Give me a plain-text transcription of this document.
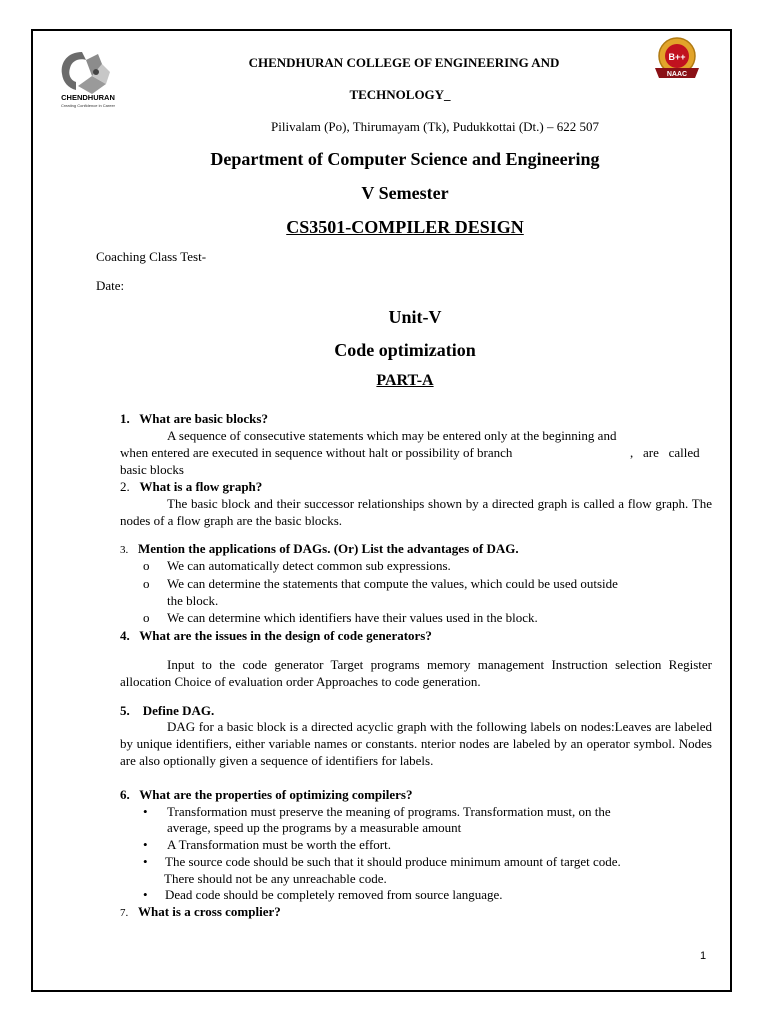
CHENDHURAN
Creating Confidence in Career
B++
NAAC
CHENDHURAN COLLEGE OF ENGINEERING AND
TECHNOLOGY_
Pilivalam (Po), Thirumayam (Tk), Pudukkottai (Dt.) – 622 507
Department of Computer Science and Engineering
V Semester
CS3501-COMPILER DESIGN
Coaching Class Test-
Date:
Unit-V
Code optimization
PART-A
1. What are basic blocks?
A sequence of consecutive statements which may be entered only at the beginning and
when entered are executed in sequence without halt or possibility of branch	,   are   called
basic blocks
2. What is a flow graph?
The basic block and their successor relationships shown by a directed graph is called a flow graph. The nodes of a flow graph are the basic blocks.
3. Mention the applications of DAGs. (Or) List the advantages of DAG.
o We can automatically detect common sub expressions.
o We can determine the statements that compute the values, which could be used outside
the block.
o We can determine which identifiers have their values used in the block.
4. What are the issues in the design of code generators?
Input to the code generator Target programs memory management Instruction selection Register allocation Choice of evaluation order Approaches to code generation.
5. Define DAG.
DAG for a basic block is a directed acyclic graph with the following labels on nodes:Leaves are labeled by unique identifiers, either variable names or constants. nterior nodes are labeled by an operator symbol. Nodes are also optionally given a sequence of identifiers for labels.
6. What are the properties of optimizing compilers?
• Transformation must preserve the meaning of programs. Transformation must, on the
average, speed up the programs by a measurable amount
• A Transformation must be worth the effort.
• The source code should be such that it should produce minimum amount of target code.
There should not be any unreachable code.
• Dead code should be completely removed from source language.
7. What is a cross complier?
1
